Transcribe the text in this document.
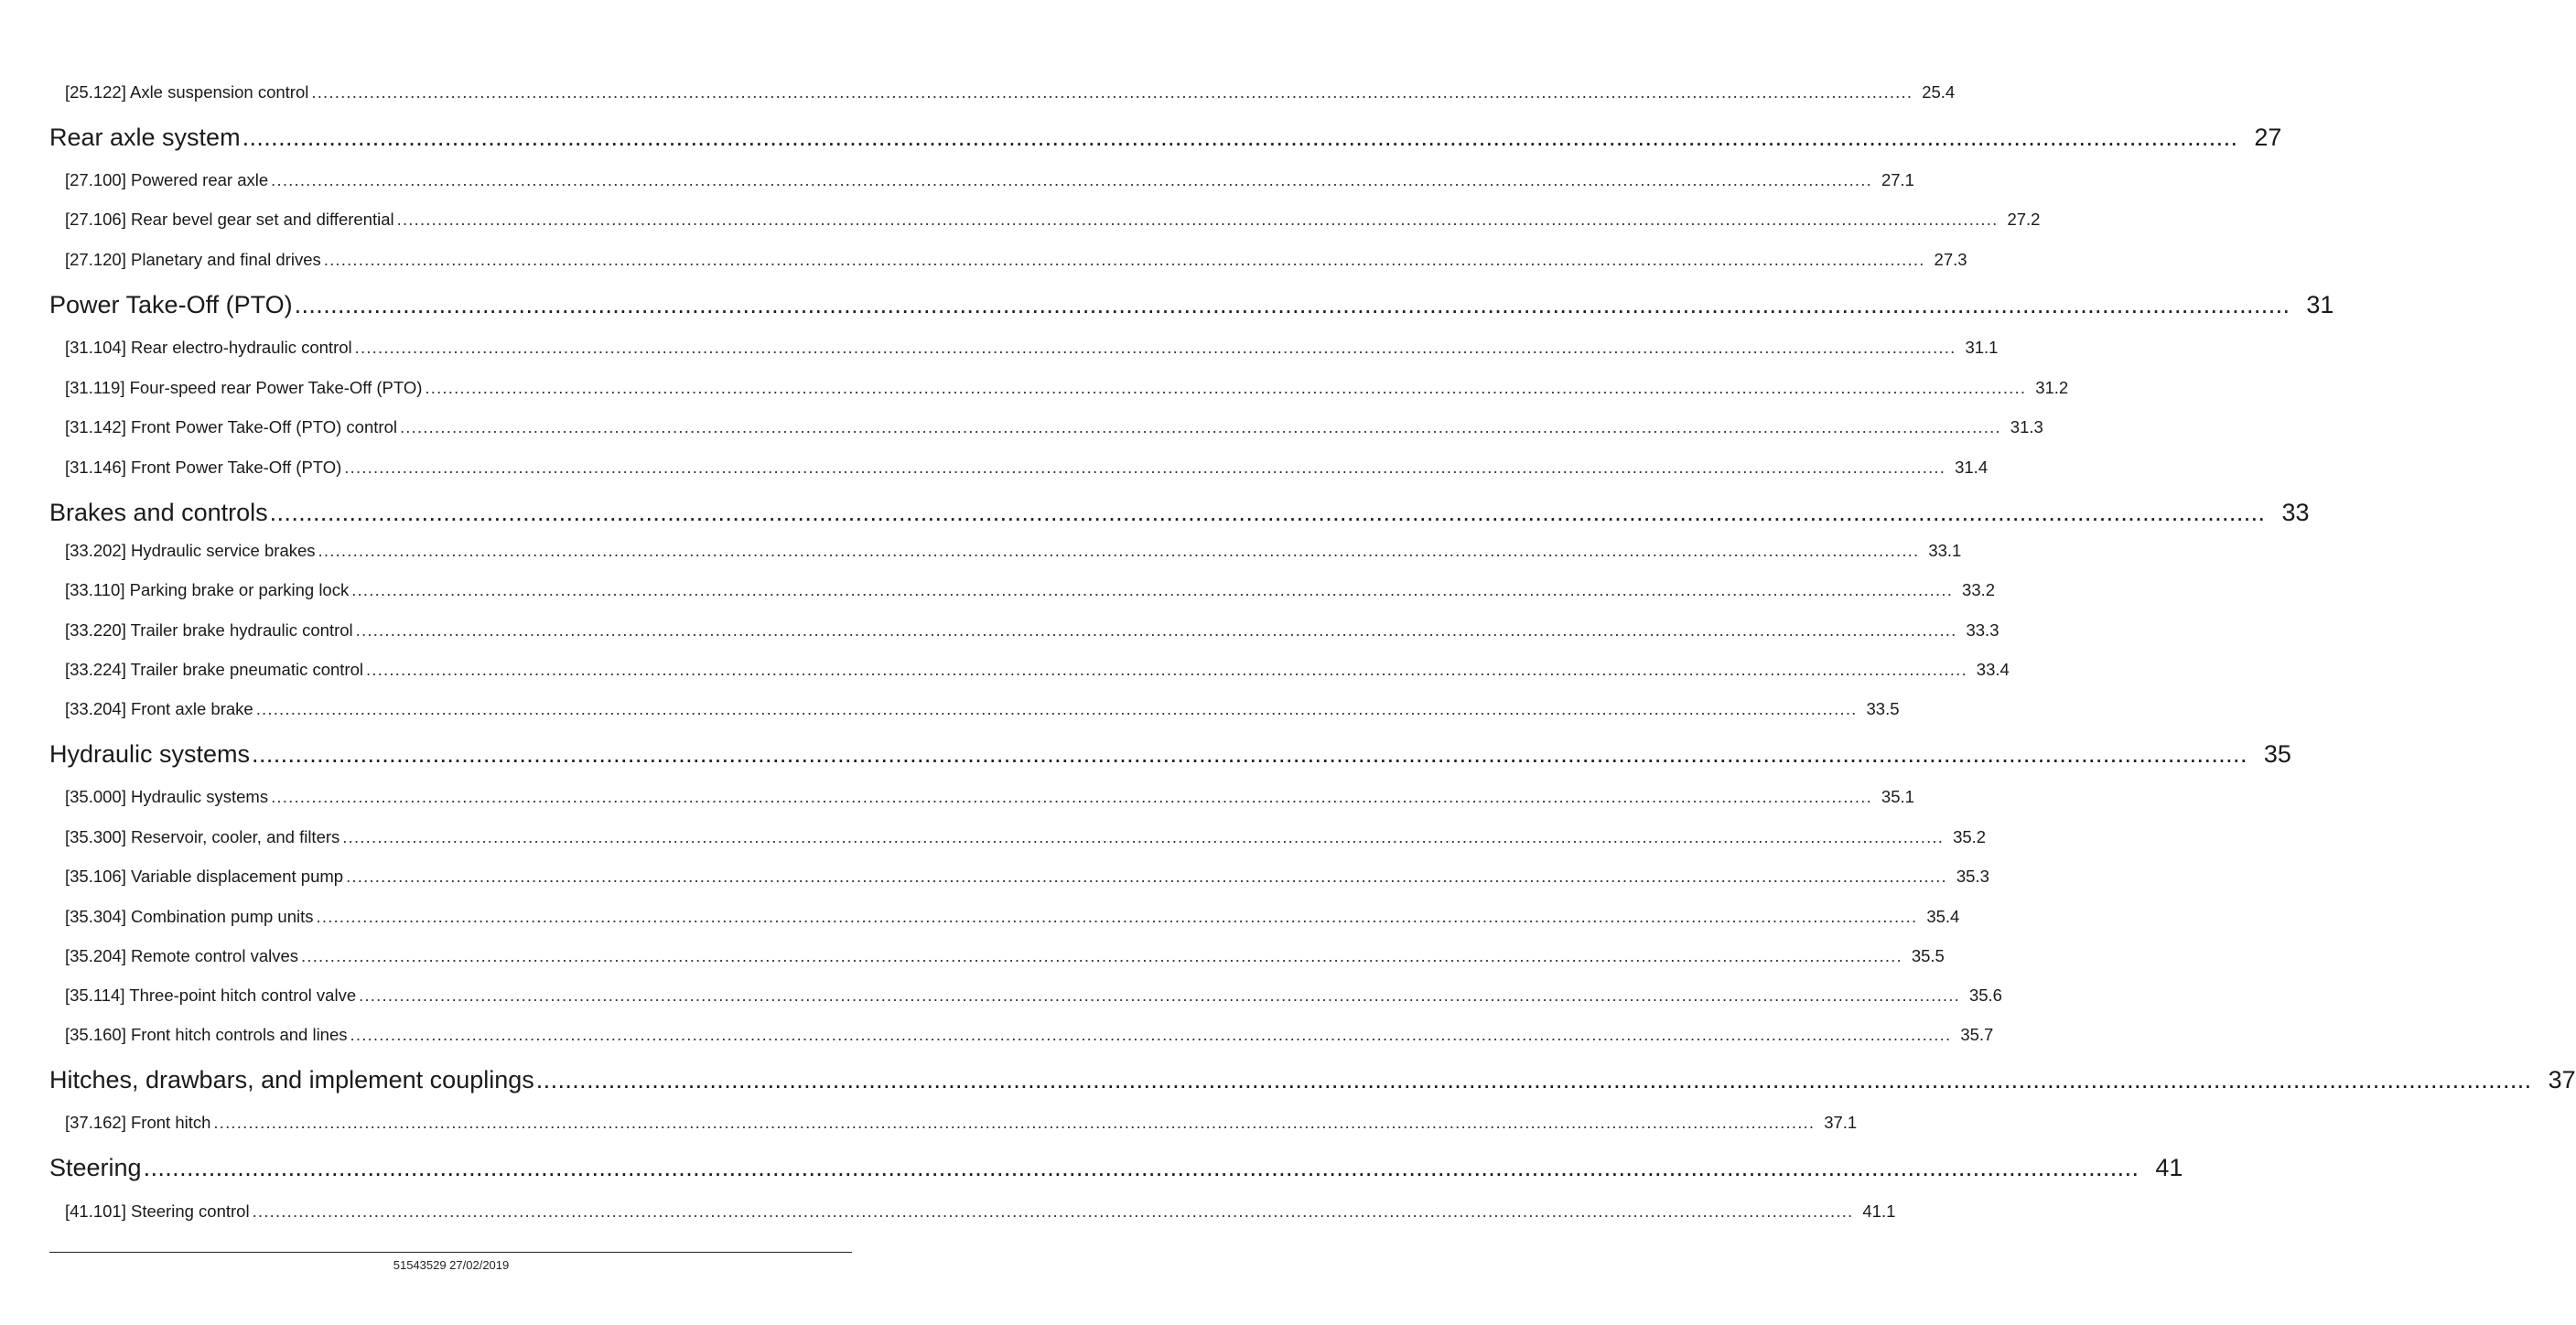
[25.122] Axle suspension control .................................................................................................................................................................................................................................................................................... 25.4
Rear axle system .................................................................................................................................................................................................................................................................................... 27
[27.100] Powered rear axle .................................................................................................................................................................................................................................................................................... 27.1
[27.106] Rear bevel gear set and differential .................................................................................................................................................................................................................................................................................... 27.2
[27.120] Planetary and final drives .................................................................................................................................................................................................................................................................................... 27.3
Power Take-Off (PTO) .................................................................................................................................................................................................................................................................................... 31
[31.104] Rear electro-hydraulic control .................................................................................................................................................................................................................................................................................... 31.1
[31.119] Four-speed rear Power Take-Off (PTO) .................................................................................................................................................................................................................................................................................... 31.2
[31.142] Front Power Take-Off (PTO) control .................................................................................................................................................................................................................................................................................... 31.3
[31.146] Front Power Take-Off (PTO) .................................................................................................................................................................................................................................................................................... 31.4
Brakes and controls .................................................................................................................................................................................................................................................................................... 33
[33.202] Hydraulic service brakes .................................................................................................................................................................................................................................................................................... 33.1
[33.110] Parking brake or parking lock .................................................................................................................................................................................................................................................................................... 33.2
[33.220] Trailer brake hydraulic control .................................................................................................................................................................................................................................................................................... 33.3
[33.224] Trailer brake pneumatic control .................................................................................................................................................................................................................................................................................... 33.4
[33.204] Front axle brake .................................................................................................................................................................................................................................................................................... 33.5
Hydraulic systems .................................................................................................................................................................................................................................................................................... 35
[35.000] Hydraulic systems .................................................................................................................................................................................................................................................................................... 35.1
[35.300] Reservoir, cooler, and filters .................................................................................................................................................................................................................................................................................... 35.2
[35.106] Variable displacement pump .................................................................................................................................................................................................................................................................................... 35.3
[35.304] Combination pump units .................................................................................................................................................................................................................................................................................... 35.4
[35.204] Remote control valves .................................................................................................................................................................................................................................................................................... 35.5
[35.114] Three-point hitch control valve .................................................................................................................................................................................................................................................................................... 35.6
[35.160] Front hitch controls and lines .................................................................................................................................................................................................................................................................................... 35.7
Hitches, drawbars, and implement couplings .................................................................................................................................................................................................................................................................................... 37
[37.162] Front hitch .................................................................................................................................................................................................................................................................................... 37.1
Steering .................................................................................................................................................................................................................................................................................... 41
[41.101] Steering control .................................................................................................................................................................................................................................................................................... 41.1
51543529 27/02/2019
